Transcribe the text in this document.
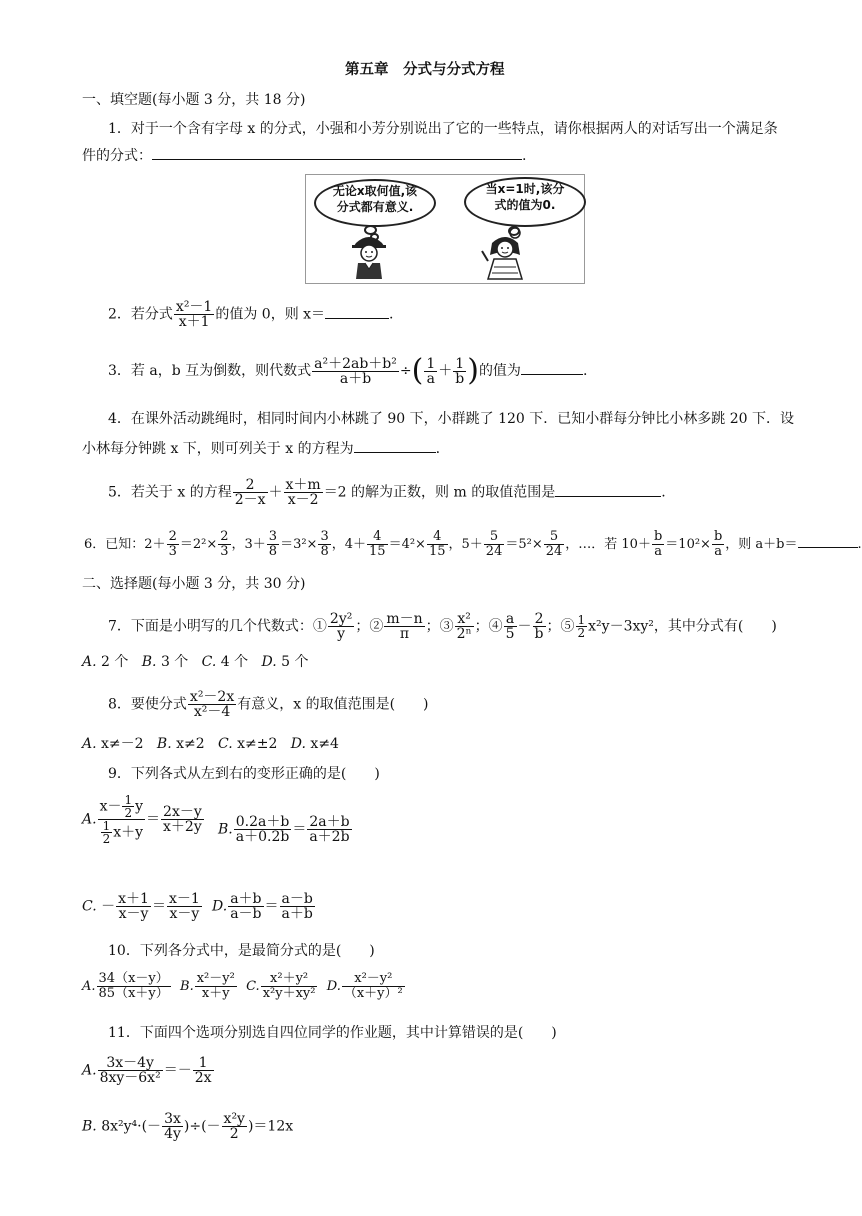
第五章　分式与分式方程
一、填空题(每小题 3 分，共 18 分)
1．对于一个含有字母 x 的分式，小强和小芳分别说出了它的一些特点，请你根据两人的对话写出一个满足条
件的分式：	.
无论x取何值,该
分式都有意义.
当x=1时,该分
式的值为0.
2．若分式 $\frac{\text{x²－1}}{x+1}$ 的值为 0，则 x＝	.
3．若 a，b 互为倒数，则代数式 $\frac{\text{a²＋2ab＋b²}}{a+b}$ ÷( $\frac{1}{a} + \frac{1}{b}$ )的值为	.
4．在课外活动跳绳时，相同时间内小林跳了 90 下，小群跳了 120 下．已知小群每分钟比小林多跳 20 下．设
小林每分钟跳 x 下，则可列关于 x 的方程为	.
5．若关于 x 的方程 $\frac{2}{2-x} + \frac{x+m}{x-2} =2$ 的解为正数，则 m 的取值范围是	.
6．已知：$2+ \frac{2}{3} =2^2\times \frac{2}{3}$ ，$3+ \frac{3}{8} =3^2\times \frac{3}{8}$ ，$4+ \frac{4}{15} =4^2\times \frac{4}{15}$ ，$5+ \frac{5}{24} =5^2\times \frac{5}{24}$ ，…．若 $10+ \frac{b}{a} =10^2\times \frac{b}{a}$ ，则 a＋b＝	.
二、选择题(每小题 3 分，共 30 分)
7．下面是小明写的几个代数式：① $\frac{\text{2y²}}{y}$ ；② $\frac{m-n}{\pi}$ ；③ $\frac{\text{x²}}{\text{2ⁿ}}$ ；④ $\frac{a}{5} - \frac{2}{b}$ ；⑤ $\frac{1}{2} x^2y-3xy^2$，其中分式有(　　)
A. 2 个 B. 3 个 C. 4 个 D. 5 个
8．要使分式 $\frac{\text{x²－2x}}{\text{x²－4}}$ 有意义，x 的取值范围是(　　)
A. x≠－2 B. x≠2 C. x≠±2 D. x≠4
9．下列各式从左到右的变形正确的是(　　)
A. $\frac{x- \frac{1}{2} y}{\frac{1}{2} x+y} = \frac{2x-y}{x+2y} B$. $\frac{0.2a+b}{a+0.2b} = \frac{2a+b}{a+2b}$
C. － $\frac{x+1}{x-y} = \frac{x-1}{x-y} D$. $\frac{a+b}{a-b} = \frac{a-b}{a+b}$
10．下列各分式中，是最简分式的是(　　)
A. $\frac{34(x-y)}{85(x+y)} B$. $\frac{\text{x²－y²}}{x+y} C$. $\frac{\text{x²＋y²}}{\text{x²y＋xy²}} D$. $\frac{\text{x²－y²}}{\text{（x＋y）²}}$
11．下面四个选项分别选自四位同学的作业题，其中计算错误的是(　　)
A. $\frac{3x-4y}{\text{8xy－6x²}} =- \frac{1}{2x}$
B. $8x^2y^4\cdot(- \frac{3x}{4y}$ )÷(－ $\frac{\text{x²y}}{2} )=12x$
